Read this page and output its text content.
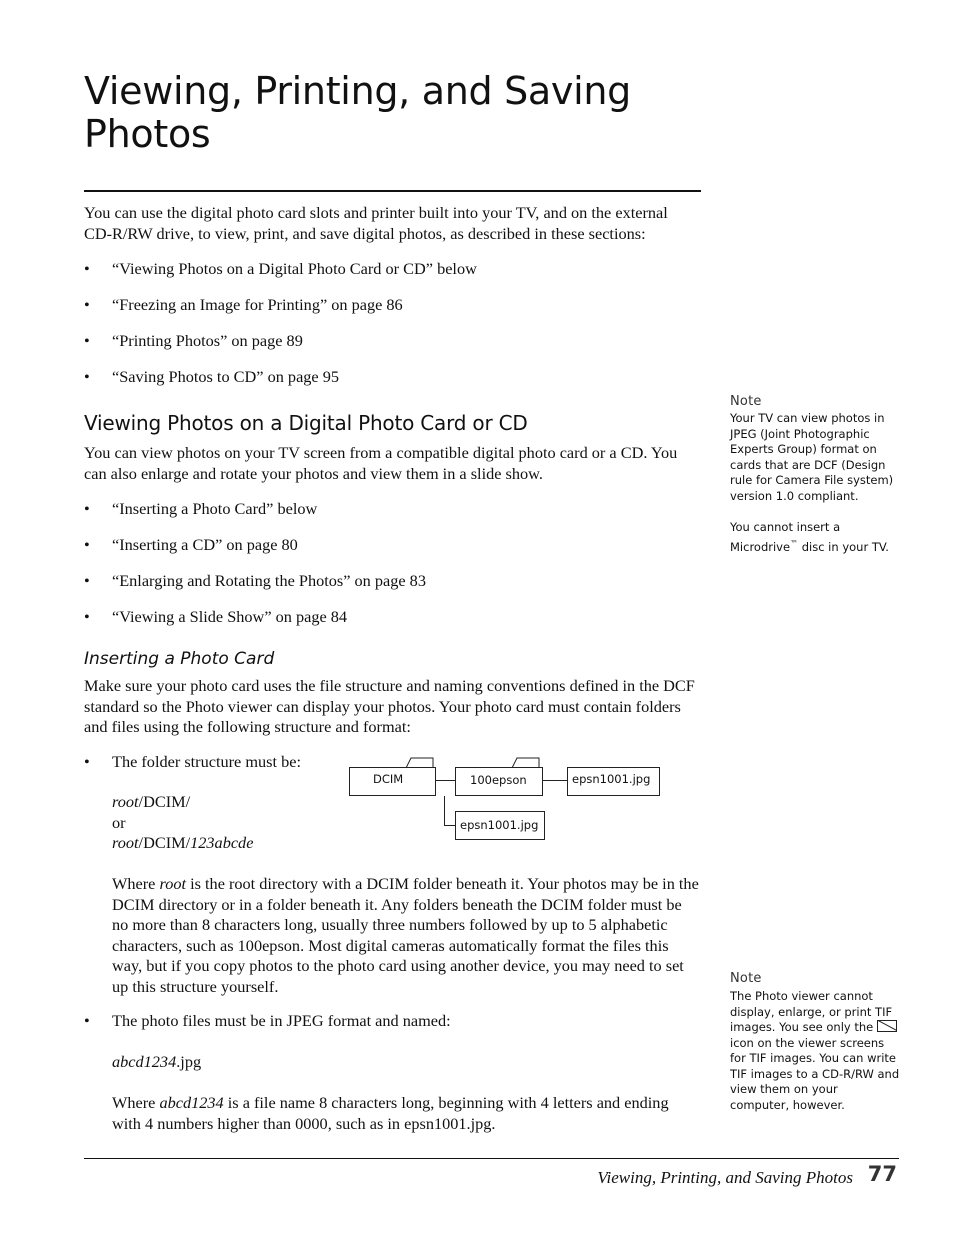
Viewing, Printing, and Saving Photos

You can use the digital photo card slots and printer built into your TV, and on the external CD-R/RW drive, to view, print, and save digital photos, as described in these sections:

• “Viewing Photos on a Digital Photo Card or CD” below
• “Freezing an Image for Printing” on page 86
• “Printing Photos” on page 89
• “Saving Photos to CD” on page 95
Viewing Photos on a Digital Photo Card or CD

You can view photos on your TV screen from a compatible digital photo card or a CD. You can also enlarge and rotate your photos and view them in a slide show.

• “Inserting a Photo Card” below
• “Inserting a CD” on page 80
• “Enlarging and Rotating the Photos” on page 83
• “Viewing a Slide Show” on page 84
Inserting a Photo Card

Make sure your photo card uses the file structure and naming conventions defined in the DCF standard so the Photo viewer can display your photos. Your photo card must contain folders and files using the following structure and format:

• The folder structure must be:
root/DCIM/
or
root/DCIM/123abcde

Where root is the root directory with a DCIM folder beneath it. Your photos may be in the DCIM directory or in a folder beneath it. Any folders beneath the DCIM folder must be no more than 8 characters long, usually three numbers followed by up to 5 alphabetic characters, such as 100epson. Most digital cameras automatically format the files this way, but if you copy photos to the photo card using another device, you may need to set up this structure yourself.

DCIM	100epson	epsn1001.jpg
epsn1001.jpg
• The photo files must be in JPEG format and named:
abcd1234.jpg

Where abcd1234 is a file name 8 characters long, beginning with 4 letters and ending with 4 numbers higher than 0000, such as in epsn1001.jpg.

Note
Your TV can view photos in JPEG (Joint Photographic Experts Group) format on cards that are DCF (Design rule for Camera File system) version 1.0 compliant.
You cannot insert a Microdrive™ disc in your TV.
Note
The Photo viewer cannot display, enlarge, or print TIF images. You see only the icon on the viewer screens for TIF images. You can write TIF images to a CD-R/RW and view them on your computer, however.
Viewing, Printing, and Saving Photos 77
